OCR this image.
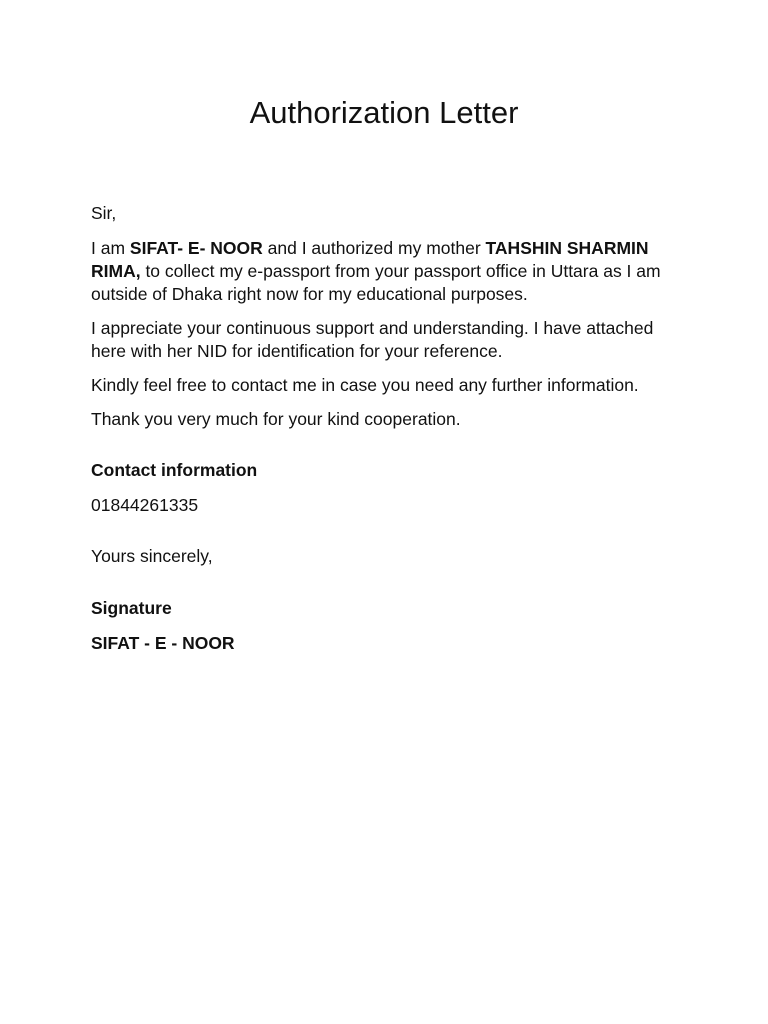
Authorization Letter

Sir,

I am SIFAT- E- NOOR and I authorized my mother TAHSHIN SHARMIN RIMA, to collect my e-passport from your passport office in Uttara as I am outside of Dhaka right now for my educational purposes.

I appreciate your continuous support and understanding. I have attached here with her NID for identification for your reference.

Kindly feel free to contact me in case you need any further information.

Thank you very much for your kind cooperation.

Contact information

01844261335

Yours sincerely,

Signature

SIFAT - E - NOOR
